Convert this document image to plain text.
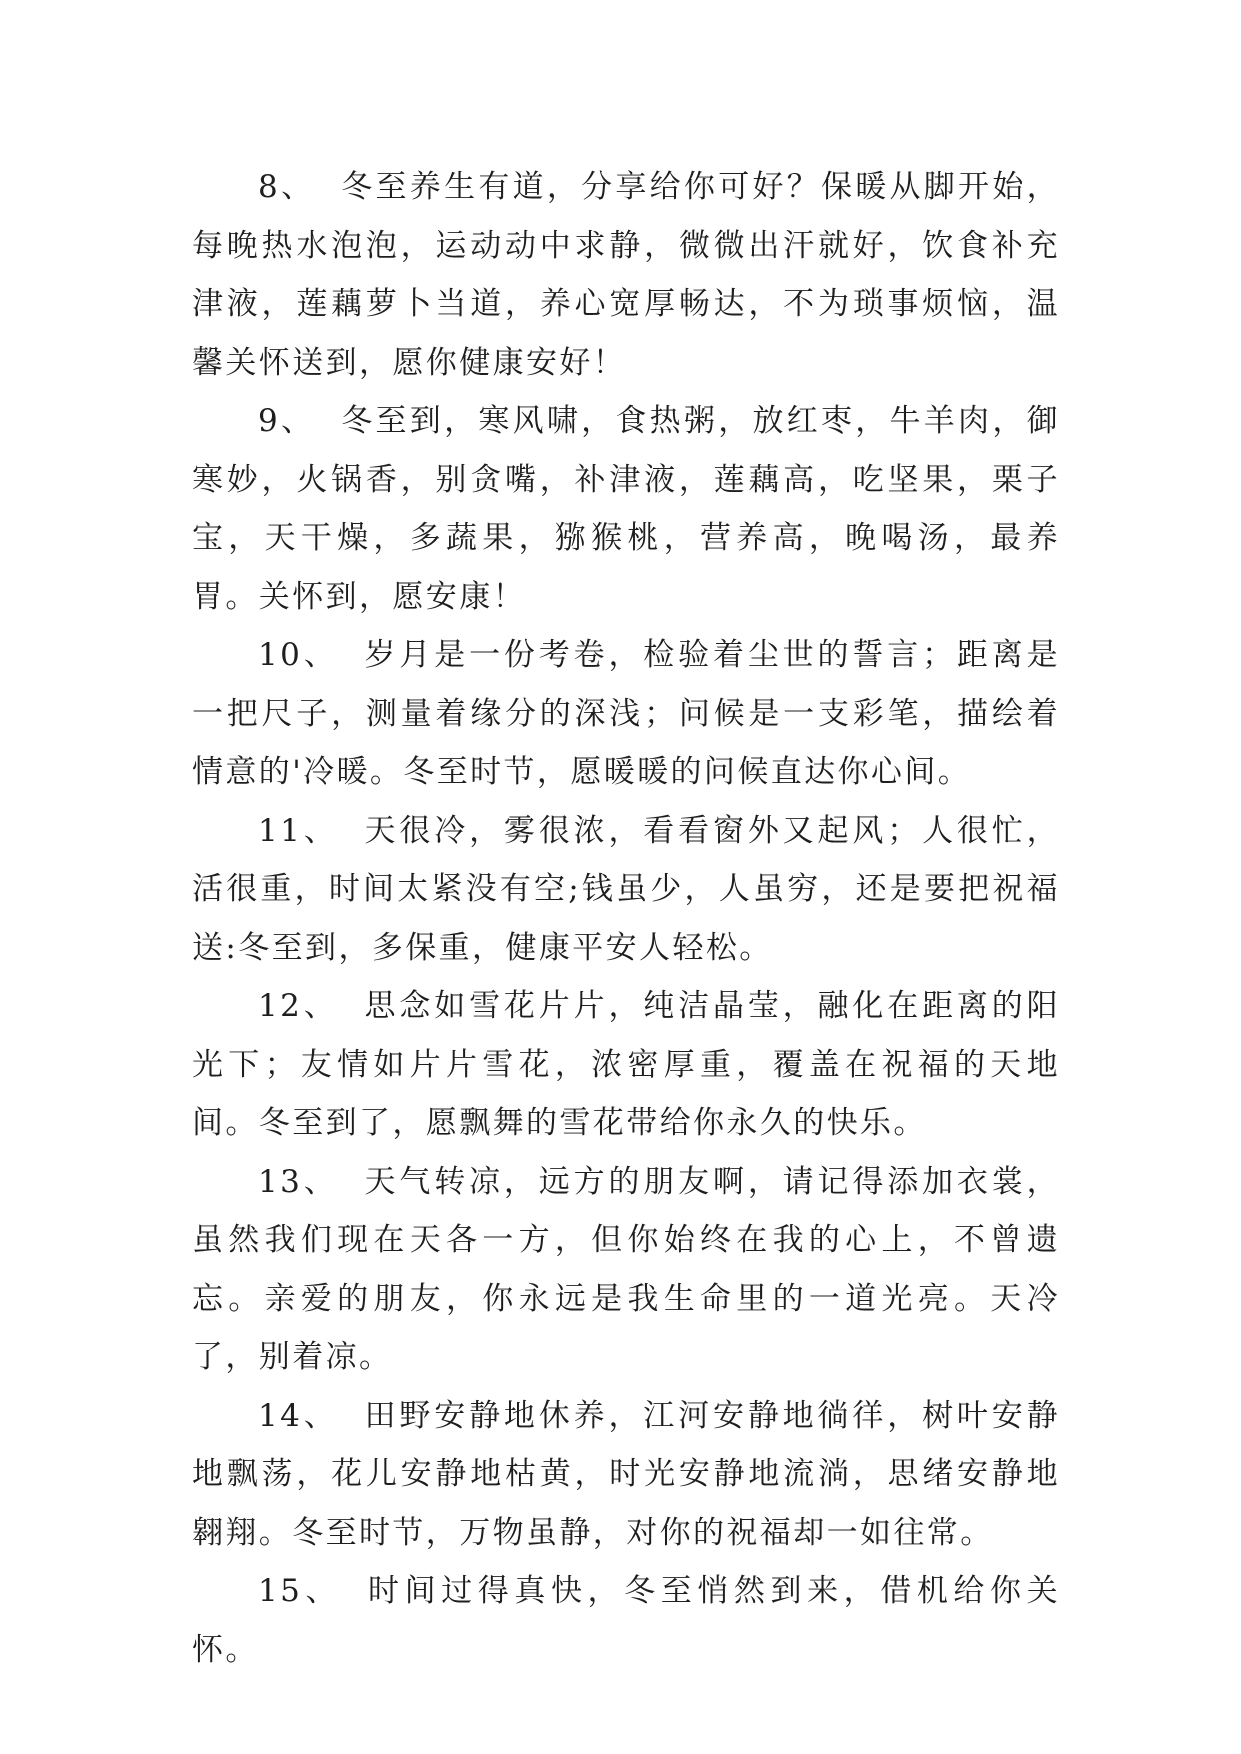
8、 冬至养生有道，分享给你可好？保暖从脚开始，每晚热水泡泡，运动动中求静，微微出汗就好，饮食补充津液，莲藕萝卜当道，养心宽厚畅达，不为琐事烦恼，温馨关怀送到，愿你健康安好！

9、 冬至到，寒风啸，食热粥，放红枣，牛羊肉，御寒妙，火锅香，别贪嘴，补津液，莲藕高，吃坚果，栗子宝，天干燥，多蔬果，猕猴桃，营养高，晚喝汤，最养胃。关怀到，愿安康！

10、 岁月是一份考卷，检验着尘世的誓言；距离是一把尺子，测量着缘分的深浅；问候是一支彩笔，描绘着情意的'冷暖。冬至时节，愿暖暖的问候直达你心间。

11、 天很冷，雾很浓，看看窗外又起风；人很忙，活很重，时间太紧没有空;钱虽少，人虽穷，还是要把祝福送:冬至到，多保重，健康平安人轻松。

12、 思念如雪花片片，纯洁晶莹，融化在距离的阳光下；友情如片片雪花，浓密厚重，覆盖在祝福的天地间。冬至到了，愿飘舞的雪花带给你永久的快乐。

13、 天气转凉，远方的朋友啊，请记得添加衣裳，虽然我们现在天各一方，但你始终在我的心上，不曾遗忘。亲爱的朋友，你永远是我生命里的一道光亮。天冷了，别着凉。

14、 田野安静地休养，江河安静地徜徉，树叶安静地飘荡，花儿安静地枯黄，时光安静地流淌，思绪安静地翱翔。冬至时节，万物虽静，对你的祝福却一如往常。

15、 时间过得真快，冬至悄然到来，借机给你关怀。
